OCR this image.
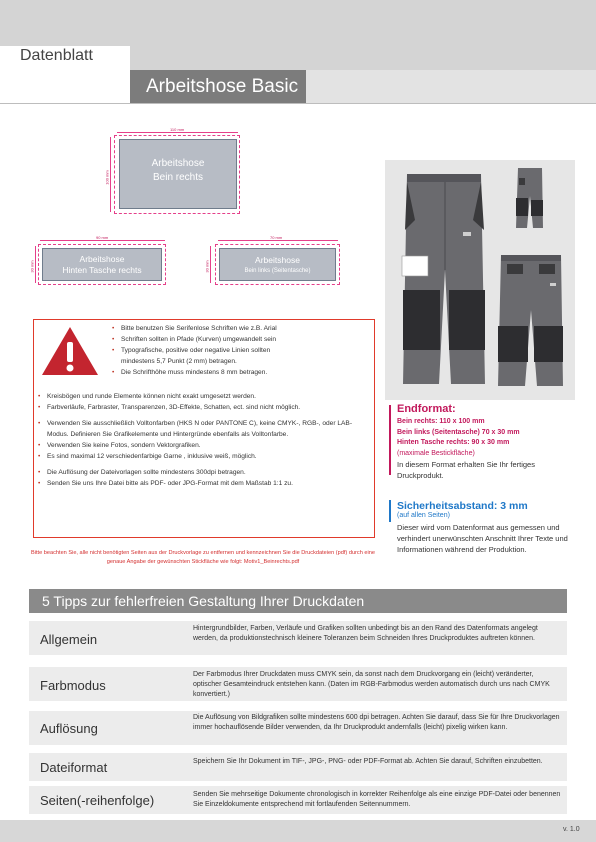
Datenblatt
Arbeitshose Basic
110 mm
100 mm
Arbeitshose
Bein rechts
90 mm
30 mm
Arbeitshose
Hinten Tasche rechts
70 mm
30 mm
Arbeitshose
Bein links (Seitentasche)
• Bitte benutzen Sie Serifenlose Schriften wie z.B. Arial
• Schriften sollten in Pfade (Kurven) umgewandelt sein
• Typografische, positive oder negative Linien sollten
mindestens 5,7 Punkt (2 mm) betragen.
• Die Schrifthöhe muss mindestens 8 mm betragen.
• Kreisbögen und runde Elemente können nicht exakt umgesetzt werden.
• Farbverläufe, Farbraster, Transparenzen, 3D-Effekte, Schatten, ect. sind nicht möglich.
• Verwenden Sie ausschließlich Volltonfarben (HKS N oder PANTONE C), keine CMYK-, RGB-, oder LAB-Modus. Definieren Sie Grafikelemente und Hintergründe ebenfalls als Volltonfarbe.
• Verwenden Sie keine Fotos, sondern Vektorgrafiken.
• Es sind maximal 12 verschiedenfarbige Garne , inklusive weiß, möglich.
• Die Auflösung der Dateivorlagen sollte mindestens 300dpi betragen.
• Senden Sie uns Ihre Datei bitte als PDF- oder JPG-Format mit dem Maßstab 1:1 zu.
Bitte beachten Sie, alle nicht benötigten Seiten aus der Druckvorlage zu entfernen und kennzeichnen Sie die Druckdateien (pdf) durch eine genaue Angabe der gewünschten Stickfläche wie folgt: Motiv1_Beinrechts.pdf
Endformat:
Bein rechts: 110 x 100 mm
Bein links (Seitentasche) 70 x 30 mm
Hinten Tasche rechts: 90 x 30 mm
(maximale Bestickfläche)
In diesem Format erhalten Sie Ihr fertiges Druckprodukt.
Sicherheitsabstand: 3 mm
(auf allen Seiten)
Dieser wird vom Datenformat aus gemessen und verhindert unerwünschten Anschnitt Ihrer Texte und Informationen während der Produktion.
5 Tipps zur fehlerfreien Gestaltung Ihrer Druckdaten
Allgemein
Hintergrundbilder, Farben, Verläufe und Grafiken sollten unbedingt bis an den Rand des Datenformats angelegt werden, da produktionstechnisch kleinere Toleranzen beim Schneiden Ihres Druckproduktes auftreten können.
Farbmodus
Der Farbmodus Ihrer Druckdaten muss CMYK sein, da sonst nach dem Druckvorgang ein (leicht) veränderter, optischer Gesamteindruck entstehen kann. (Daten im RGB-Farbmodus werden automatisch durch uns nach CMYK konvertiert.)
Auflösung
Die Auflösung von Bildgrafiken sollte mindestens 600 dpi betragen. Achten Sie darauf, dass Sie für Ihre Druckvorlagen immer hochauflösende Bilder verwenden, da Ihr Druckprodukt andernfalls (leicht) pixelig wirken kann.
Dateiformat	Speichern Sie Ihr Dokument im TIF-, JPG-, PNG- oder PDF-Format ab. Achten Sie darauf, Schriften einzubetten.
Seiten(-reihenfolge)	Senden Sie mehrseitige Dokumente chronologisch in korrekter Reihenfolge als eine einzige PDF-Datei oder benennen Sie Einzeldokumente entsprechend mit fortlaufenden Seitennummern.
v. 1.0
